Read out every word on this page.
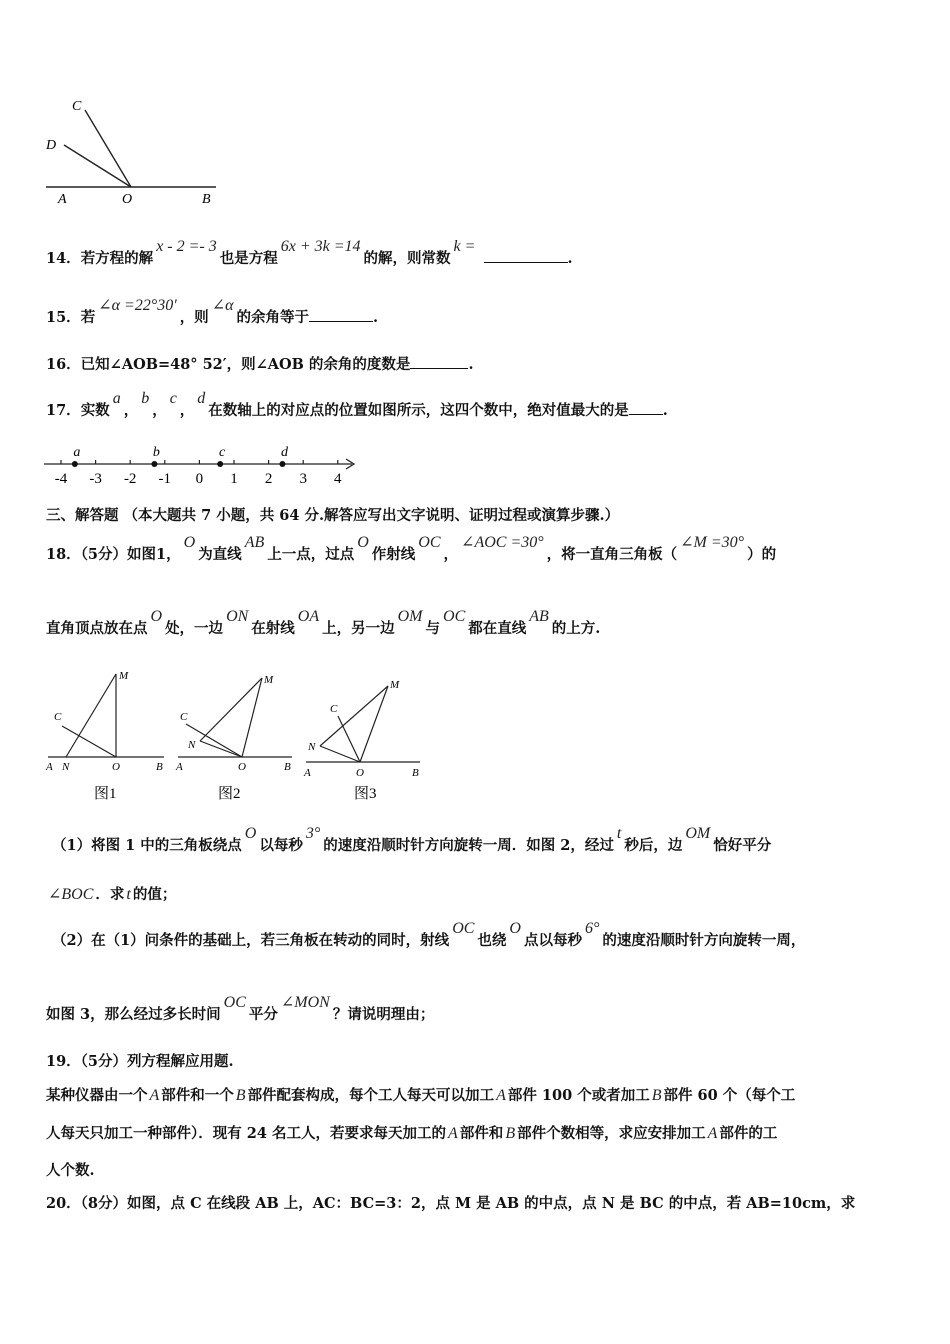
C
D
A	O	B
14．若方程的解x - 2 =- 3也是方程6x + 3k =14的解，则常数k = .
15．若∠α =22°30′，则∠α的余角等于	.
16．已知∠AOB=48° 52′，则∠AOB 的余角的度数是	.
17．实数a，b，c，d在数轴上的对应点的位置如图所示，这四个数中，绝对值最大的是 .
-4 -3 -2 -1 0 1 2 3 4
a	b	c	d
三、解答题 （本大题共 7 小题，共 64 分.解答应写出文字说明、证明过程或演算步骤.）
18．（5分）如图1，O为直线AB上一点，过点O作射线OC，∠AOC =30°，将一直角三角板（∠M =30°）的
直角顶点放在点O处，一边ON在射线OA上，另一边OM与OC都在直线AB的上方.
M
C
A N	O	B
图1
M
C
N
A	O	B
图2
M
C
N
A	O	B
图3
（1）将图 1 中的三角板绕点O以每秒3°的速度沿顺时针方向旋转一周．如图 2，经过t秒后，边OM恰好平分
∠BOC ．求 t 的值；
（2）在（1）问条件的基础上，若三角板在转动的同时，射线OC也绕O点以每秒6°的速度沿顺时针方向旋转一周，
如图 3，那么经过多长时间OC平分∠MON？请说明理由；
19．（5分）列方程解应用题.
某种仪器由一个 A 部件和一个 B 部件配套构成，每个工人每天可以加工 A 部件 100 个或者加工 B 部件 60 个（每个工
人每天只加工一种部件）．现有 24 名工人，若要求每天加工的 A 部件和 B 部件个数相等，求应安排加工 A 部件的工
人个数.
20．（8分）如图，点 C 在线段 AB 上，AC：BC=3：2，点 M 是 AB 的中点，点 N 是 BC 的中点，若 AB=10cm，求
